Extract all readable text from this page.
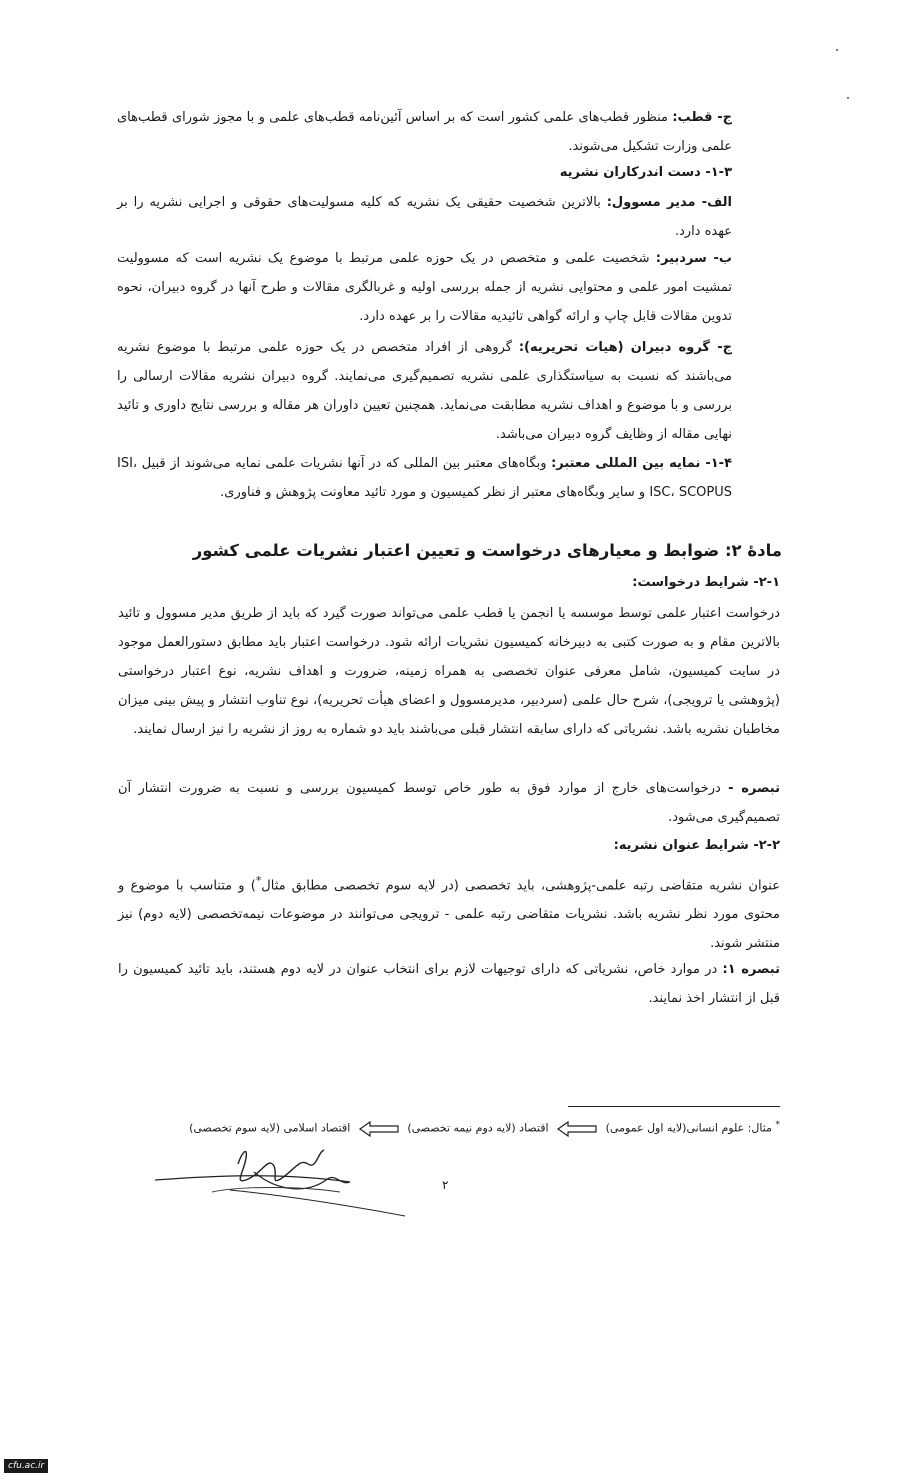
ج- قطب: منظور قطب‌های علمی کشور است که بر اساس آئین‌نامه قطب‌های علمی و با مجوز شورای قطب‌های علمی وزارت تشکیل می‌شوند.
۱-۳- دست اندرکاران نشریه
الف- مدیر مسوول: بالاترین شخصیت حقیقی یک نشریه که کلیه مسولیت‌های حقوقی و اجرایی نشریه را بر عهده دارد.
ب- سردبیر: شخصیت علمی و متخصص در یک حوزه علمی مرتبط با موضوع یک نشریه است که مسوولیت تمشیت امور علمی و محتوایی نشریه از جمله بررسی اولیه و غربالگری مقالات و طرح آنها در گروه دبیران، نحوه تدوین مقالات قابل چاپ و ارائه گواهی تائیدیه مقالات را بر عهده دارد.
ج- گروه دبیران (هیات تحریریه): گروهی از افراد متخصص در یک حوزه علمی مرتبط با موضوع نشریه می‌باشند که نسبت به سیاستگذاری علمی نشریه تصمیم‌گیری می‌نمایند. گروه دبیران نشریه مقالات ارسالی را بررسی و با موضوع و اهداف نشریه مطابقت می‌نماید. همچنین تعیین داوران هر مقاله و بررسی نتایج داوری و تائید نهایی مقاله از وظایف گروه دبیران می‌باشد.
۱-۴- نمایه بین المللی معتبر: وبگاه‌های معتبر بین المللی که در آنها نشریات علمی نمایه می‌شوند از قبیل ISI، ISC، SCOPUS و سایر وبگاه‌های معتبر از نظر کمیسیون و مورد تائید معاونت پژوهش و فناوری.
مادۀ ۲: ضوابط و معیارهای درخواست و تعیین اعتبار نشریات علمی کشور
۲-۱- شرایط درخواست:
درخواست اعتبار علمی توسط موسسه یا انجمن یا قطب علمی می‌تواند صورت گیرد که باید از طریق مدیر مسوول و تائید بالاترین مقام و به صورت کتبی به دبیرخانه کمیسیون نشریات ارائه شود. درخواست اعتبار باید مطابق دستورالعمل موجود در سایت کمیسیون، شامل معرفی عنوان تخصصی به همراه زمینه، ضرورت و اهداف نشریه، نوع اعتبار درخواستی (پژوهشی یا ترویجی)، شرح حال علمی (سردبیر، مدیرمسوول و اعضای هیأت تحریریه)، نوع تناوب انتشار و پیش بینی میزان مخاطبان نشریه باشد. نشریاتی که دارای سابقه انتشار قبلی می‌باشند باید دو شماره به روز از نشریه را نیز ارسال نمایند.
تبصره - درخواست‌های خارج از موارد فوق به طور خاص توسط کمیسیون بررسی و نسبت به ضرورت انتشار آن تصمیم‌گیری می‌شود.
۲-۲- شرایط عنوان نشریه:
عنوان نشریه متقاضی رتبه علمی-پژوهشی، باید تخصصی (در لایه سوم تخصصی مطابق مثال*) و متناسب با موضوع و محتوی مورد نظر نشریه باشد. نشریات متقاضی رتبه علمی - ترویجی می‌توانند در موضوعات نیمه‌تخصصی (لایه دوم) نیز منتشر شوند.
تبصره ۱: در موارد خاص، نشریاتی که دارای توجیهات لازم برای انتخاب عنوان در لایه دوم هستند، باید تائید کمیسیون را قبل از انتشار اخذ نمایند.
* مثال: علوم انسانی(لایه اول عمومی)  اقتصاد (لایه دوم نیمه تخصصی)  اقتصاد اسلامی (لایه سوم تخصصی)
۲
cfu.ac.ir
